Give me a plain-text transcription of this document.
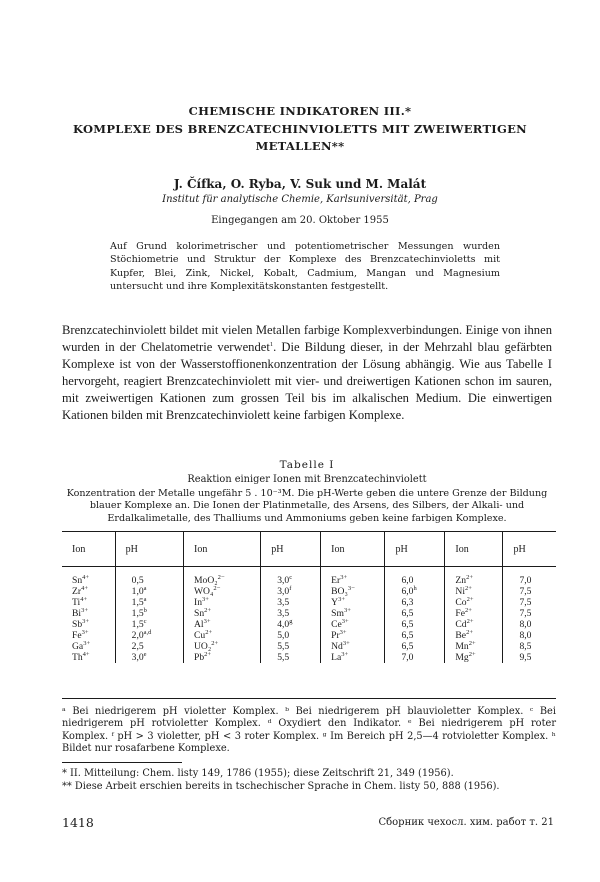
CHEMISCHE INDIKATOREN III.*

KOMPLEXE DES BRENZCATECHINVIOLETTS MIT ZWEIWERTIGEN

METALLEN**

J. Čífka, O. Ryba, V. Suk und M. Malát

Institut für analytische Chemie, Karlsuniversität, Prag

Eingegangen am 20. Oktober 1955

Auf Grund kolorimetrischer und potentiometrischer Messungen wurden Stöchiometrie und Struktur der Komplexe des Brenzcatechinvioletts mit Kupfer, Blei, Zink, Nickel, Kobalt, Cadmium, Mangan und Magnesium untersucht und ihre Komplexitätskonstanten festgestellt.

Brenzcatechinviolett bildet mit vielen Metallen farbige Komplexverbindungen. Einige von ihnen wurden in der Chelatometrie verwendet$^1$. Die Bildung dieser, in der Mehrzahl blau gefärbten Komplexe ist von der Wasserstoffionenkonzentration der Lösung abhängig. Wie aus Tabelle I hervorgeht, reagiert Brenzcatechinviolett mit vier- und dreiwertigen Kationen schon im sauren, mit zweiwertigen Kationen zum grossen Teil bis im alkalischen Medium. Die einwertigen Kationen bilden mit Brenzcatechinviolett keine farbigen Komplexe.

Tabelle I

Reaktion einiger Ionen mit Brenzcatechinviolett

Konzentration der Metalle ungefähr 5 . 10⁻³M. Die pH-Werte geben die untere Grenze der Bildung blauer Komplexe an. Die Ionen der Platinmetalle, des Arsens, des Silbers, der Alkali- und Erdalkalimetalle, des Thalliums und Ammoniums geben keine farbigen Komplexe.

Ion	pH	Ion	pH	Ion	pH	Ion	pH
$Sn^{4+}$	0,5	MoO₂$^{2-}$	3,0$^c$	$Er^{3+}$	6,0	$Zn^{2+}$	7,0
$Zr^{4+}$	1,0$^a$	WO₄$^{2-}$	3,0$^f$	BO₃$^{3-}$	6,0$^h$	$Ni^{2+}$	7,5
$Ti^{4+}$	1,5$^a$	$In^{3+}$	3,5	$Y^{3+}$	6,3	$Co^{2+}$	7,5
$Bi^{3+}$	1,5$^b$	$Sn^{2+}$	3,5	$Sm^{3+}$	6,5	$Fe^{2+}$	7,5
$Sb^{3+}$	1,5$^c$	$Al^{3+}$	4,0$^g$	$Ce^{3+}$	6,5	$Cd^{2+}$	8,0
$Fe^{3+}$	2,0$^{a,d}$	$Cu^{2+}$	5,0	$Pr^{3+}$	6,5	$Be^{2+}$	8,0
$Ga^{3+}$	2,5	UO₂$^{2+}$	5,5	$Nd^{3+}$	6,5	$Mn^{2+}$	8,5
$Th^{4+}$	3,0e	$Pb^{2+}$	5,5	$La^{3+}$	7,0	$Mg^{2+}$	9,5

ᵃ Bei niedrigerem pH violetter Komplex. ᵇ Bei niedrigerem pH blauvioletter Komplex. ᶜ Bei niedrigerem pH rotvioletter Komplex. ᵈ Oxydiert den Indikator. ᵉ Bei niedrigerem pH roter Komplex. ᶠ pH > 3 violetter, pH < 3 roter Komplex. ᵍ Im Bereich pH 2,5—4 rotvioletter Komplex. ʰ Bildet nur rosafarbene Komplexe.

* II. Mitteilung: Chem. listy 149, 1786 (1955); diese Zeitschrift 21, 349 (1956).

** Diese Arbeit erschien bereits in tschechischer Sprache in Chem. listy 50, 888 (1956).

1418	Сборник чехосл. хим. работ т. 21
